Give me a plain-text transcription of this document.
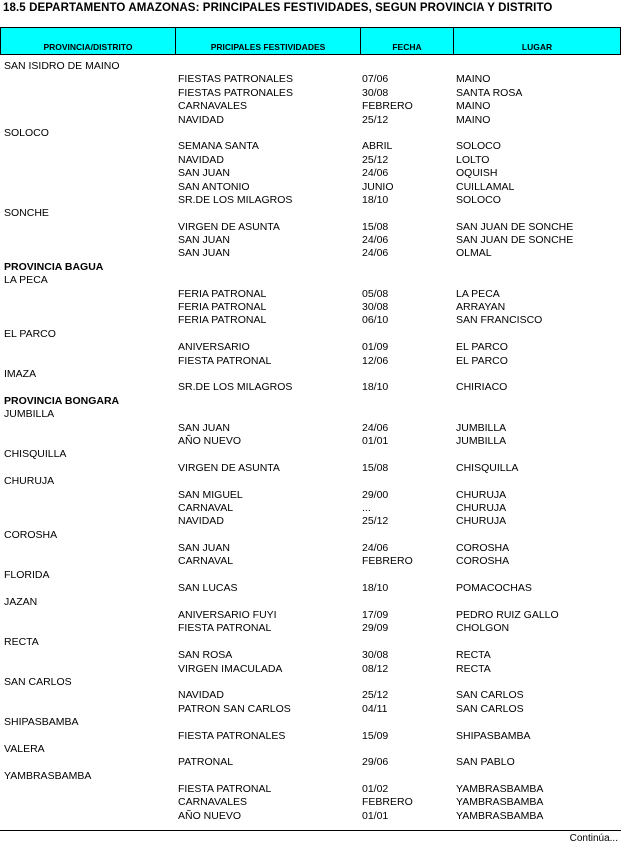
18.5 DEPARTAMENTO AMAZONAS: PRINCIPALES FESTIVIDADES, SEGUN PROVINCIA Y DISTRITO
PROVINCIA/DISTRITO	PRICIPALES FESTIVIDADES	FECHA	LUGAR
SAN ISIDRO DE MAINO
FIESTAS PATRONALES	07/06	MAINO
FIESTAS PATRONALES	30/08	SANTA ROSA
CARNAVALES	FEBRERO	MAINO
NAVIDAD	25/12	MAINO
SOLOCO
SEMANA SANTA	ABRIL	SOLOCO
NAVIDAD	25/12	LOLTO
SAN JUAN	24/06	OQUISH
SAN ANTONIO	JUNIO	CUILLAMAL
SR.DE LOS MILAGROS	18/10	SOLOCO
SONCHE
VIRGEN DE ASUNTA	15/08	SAN JUAN DE SONCHE
SAN JUAN	24/06	SAN JUAN DE SONCHE
SAN JUAN	24/06	OLMAL
PROVINCIA BAGUA
LA PECA
FERIA PATRONAL	05/08	LA PECA
FERIA PATRONAL	30/08	ARRAYAN
FERIA PATRONAL	06/10	SAN FRANCISCO
EL PARCO
ANIVERSARIO	01/09	EL PARCO
FIESTA PATRONAL	12/06	EL PARCO
IMAZA
SR.DE LOS MILAGROS	18/10	CHIRIACO
PROVINCIA BONGARA
JUMBILLA
SAN JUAN	24/06	JUMBILLA
AÑO NUEVO	01/01	JUMBILLA
CHISQUILLA
VIRGEN DE ASUNTA	15/08	CHISQUILLA
CHURUJA
SAN MIGUEL	29/00	CHURUJA
CARNAVAL	...	CHURUJA
NAVIDAD	25/12	CHURUJA
COROSHA
SAN JUAN	24/06	COROSHA
CARNAVAL	FEBRERO	COROSHA
FLORIDA
SAN LUCAS	18/10	POMACOCHAS
JAZAN
ANIVERSARIO FUYI	17/09	PEDRO RUIZ GALLO
FIESTA PATRONAL	29/09	CHOLGON
RECTA
SAN ROSA	30/08	RECTA
VIRGEN IMACULADA	08/12	RECTA
SAN CARLOS
NAVIDAD	25/12	SAN CARLOS
PATRON SAN CARLOS	04/11	SAN CARLOS
SHIPASBAMBA
FIESTA PATRONALES	15/09	SHIPASBAMBA
VALERA
PATRONAL	29/06	SAN PABLO
YAMBRASBAMBA
FIESTA PATRONAL	01/02	YAMBRASBAMBA
CARNAVALES	FEBRERO	YAMBRASBAMBA
AÑO NUEVO	01/01	YAMBRASBAMBA
Continúa...
